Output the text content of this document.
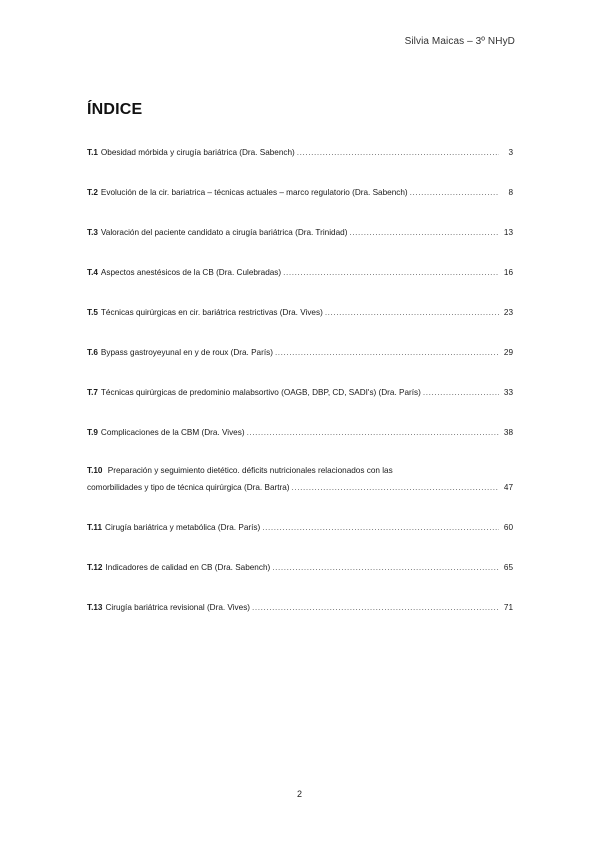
Silvia Maicas – 3º NHyD
ÍNDICE
T.1 Obesidad mórbida y cirugía bariátrica (Dra. Sabench) .....	3
T.2 Evolución de la cir. bariatrica – técnicas actuales – marco regulatorio (Dra. Sabench) .....	8
T.3 Valoración del paciente candidato a cirugía bariátrica (Dra. Trinidad) .....	13
T.4 Aspectos anestésicos de la CB (Dra. Culebradas) .....	16
T.5 Técnicas quirúrgicas en cir. bariátrica restrictivas (Dra. Vives) .....	23
T.6 Bypass gastroyeyunal en y de roux (Dra. París) .....	29
T.7 Técnicas quirúrgicas de predominio malabsortivo (OAGB, DBP, CD, SADI's) (Dra. París) .....	33
T.9 Complicaciones de la CBM (Dra. Vives) .....	38
T.10 Preparación y seguimiento dietético. déficits nutricionales relacionados con las
comorbilidades y tipo de técnica quirúrgica (Dra. Bartra) .....	47
T.11 Cirugía bariátrica y metabólica (Dra. París) .....	60
T.12 Indicadores de calidad en CB (Dra. Sabench) .....	65
T.13 Cirugía bariátrica revisional (Dra. Vives) .....	71
2
